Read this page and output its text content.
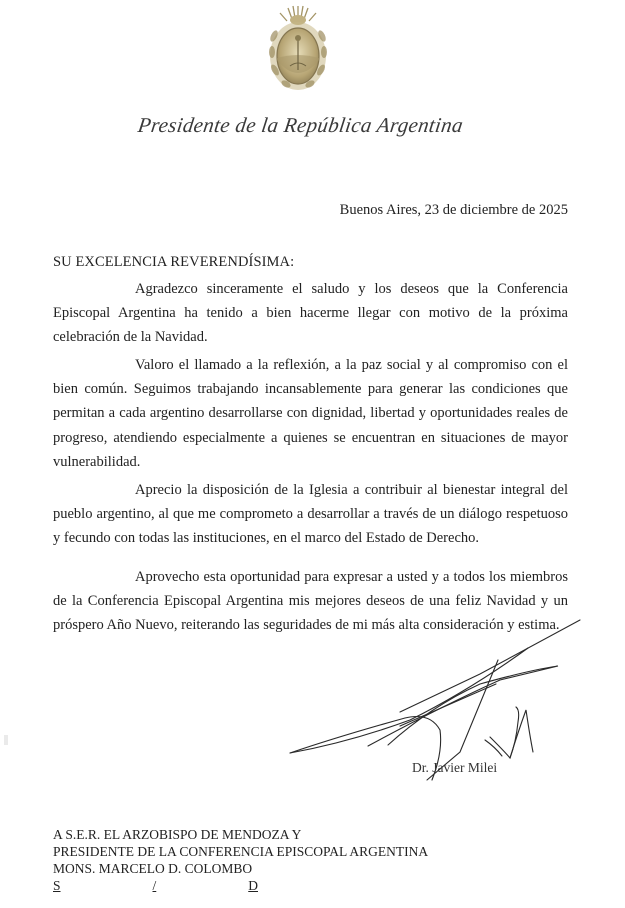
Presidente de la República Argentina
Buenos Aires, 23 de diciembre de 2025
SU EXCELENCIA REVERENDÍSIMA:
Agradezco sinceramente el saludo y los deseos que la Conferencia Episcopal Argentina ha tenido a bien hacerme llegar con motivo de la próxima celebración de la Navidad.
Valoro el llamado a la reflexión, a la paz social y al compromiso con el bien común. Seguimos trabajando incansablemente para generar las condiciones que permitan a cada argentino desarrollarse con dignidad, libertad y oportunidades reales de progreso, atendiendo especialmente a quienes se encuentran en situaciones de mayor vulnerabilidad.
Aprecio la disposición de la Iglesia a contribuir al bienestar integral del pueblo argentino, al que me comprometo a desarrollar a través de un diálogo respetuoso y fecundo con todas las instituciones, en el marco del Estado de Derecho.
Aprovecho esta oportunidad para expresar a usted y a todos los miembros de la Conferencia Episcopal Argentina mis mejores deseos de una feliz Navidad y un próspero Año Nuevo, reiterando las seguridades de mi más alta consideración y estima.
Dr. Javier Milei
A S.E.R. EL ARZOBISPO DE MENDOZA Y
PRESIDENTE DE LA CONFERENCIA EPISCOPAL ARGENTINA
MONS. MARCELO D. COLOMBO
S	/	D
